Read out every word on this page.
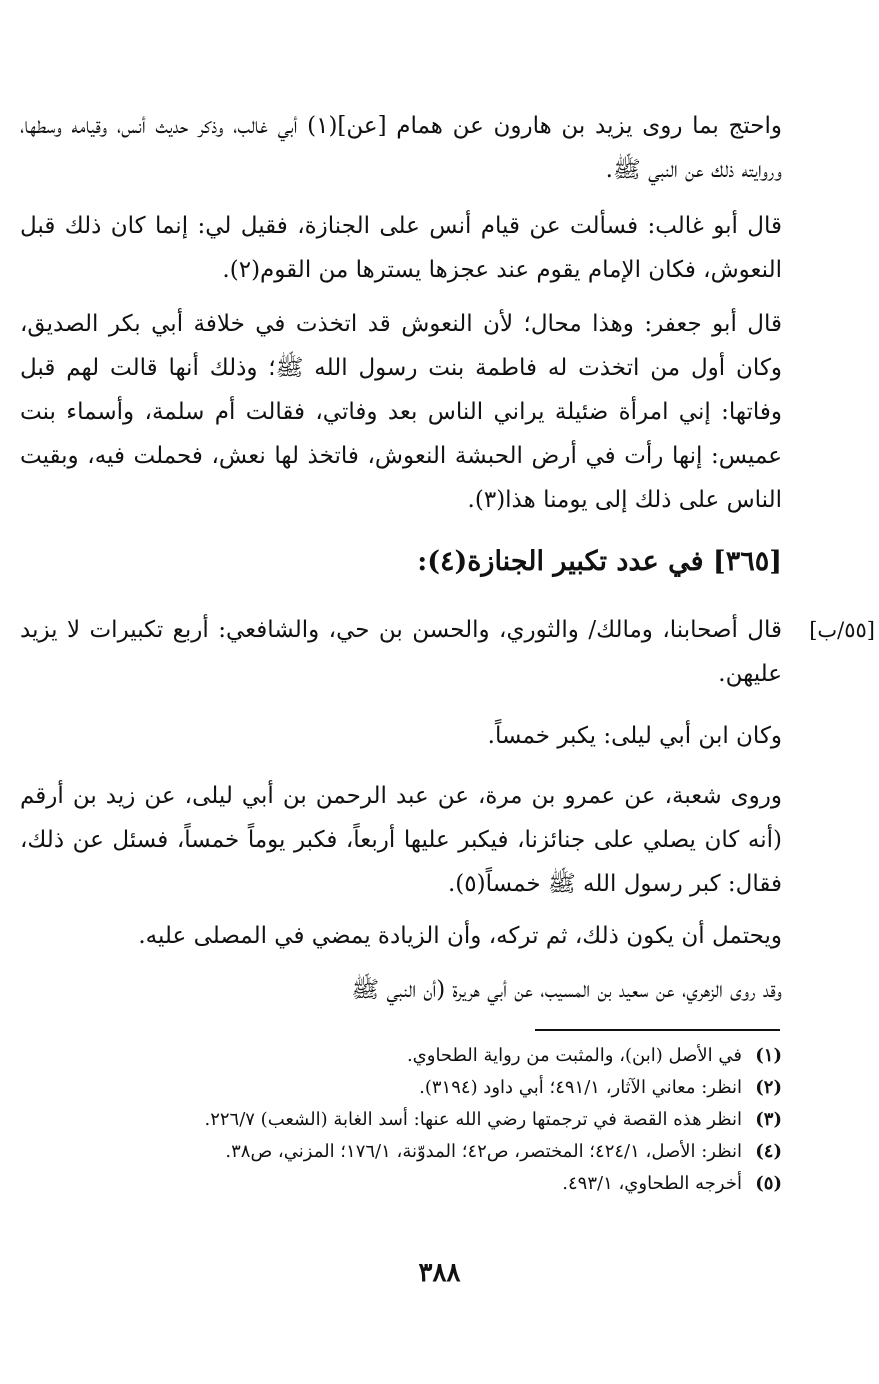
واحتج بما روى يزيد بن هارون عن همام [عن](١) أبي غالب، وذكر حديث أنس، وقيامه وسطها، وروايته ذلك عن النبي ﷺ.
قال أبو غالب: فسألت عن قيام أنس على الجنازة، فقيل لي: إنما كان ذلك قبل النعوش، فكان الإمام يقوم عند عجزها يسترها من القوم(٢).
قال أبو جعفر: وهذا محال؛ لأن النعوش قد اتخذت في خلافة أبي بكر الصديق، وكان أول من اتخذت له فاطمة بنت رسول الله ﷺ؛ وذلك أنها قالت لهم قبل وفاتها: إني امرأة ضئيلة يراني الناس بعد وفاتي، فقالت أم سلمة، وأسماء بنت عميس: إنها رأت في أرض الحبشة النعوش، فاتخذ لها نعش، فحملت فيه، وبقيت الناس على ذلك إلى يومنا هذا(٣).
[٣٦٥] في عدد تكبير الجنازة(٤):
[٥٥/ب]
قال أصحابنا، ومالك/ والثوري، والحسن بن حي، والشافعي: أربع تكبيرات لا يزيد عليهن.
وكان ابن أبي ليلى: يكبر خمساً.
وروى شعبة، عن عمرو بن مرة، عن عبد الرحمن بن أبي ليلى، عن زيد بن أرقم (أنه كان يصلي على جنائزنا، فيكبر عليها أربعاً، فكبر يوماً خمساً، فسئل عن ذلك، فقال: كبر رسول الله ﷺ خمساً(٥).
ويحتمل أن يكون ذلك، ثم تركه، وأن الزيادة يمضي في المصلى عليه.
وقد روى الزهري، عن سعيد بن المسيب، عن أبي هريرة (أن النبي ﷺ
(١)
في الأصل (ابن)، والمثبت من رواية الطحاوي.
(٢)
انظر: معاني الآثار، ٤٩١/١؛ أبي داود (٣١٩٤).
(٣)
انظر هذه القصة في ترجمتها رضي الله عنها: أسد الغابة (الشعب) ٢٢٦/٧.
(٤)
انظر: الأصل، ٤٢٤/١؛ المختصر، ص٤٢؛ المدوّنة، ١٧٦/١؛ المزني، ص٣٨.
(٥)
أخرجه الطحاوي، ٤٩٣/١.
٣٨٨
